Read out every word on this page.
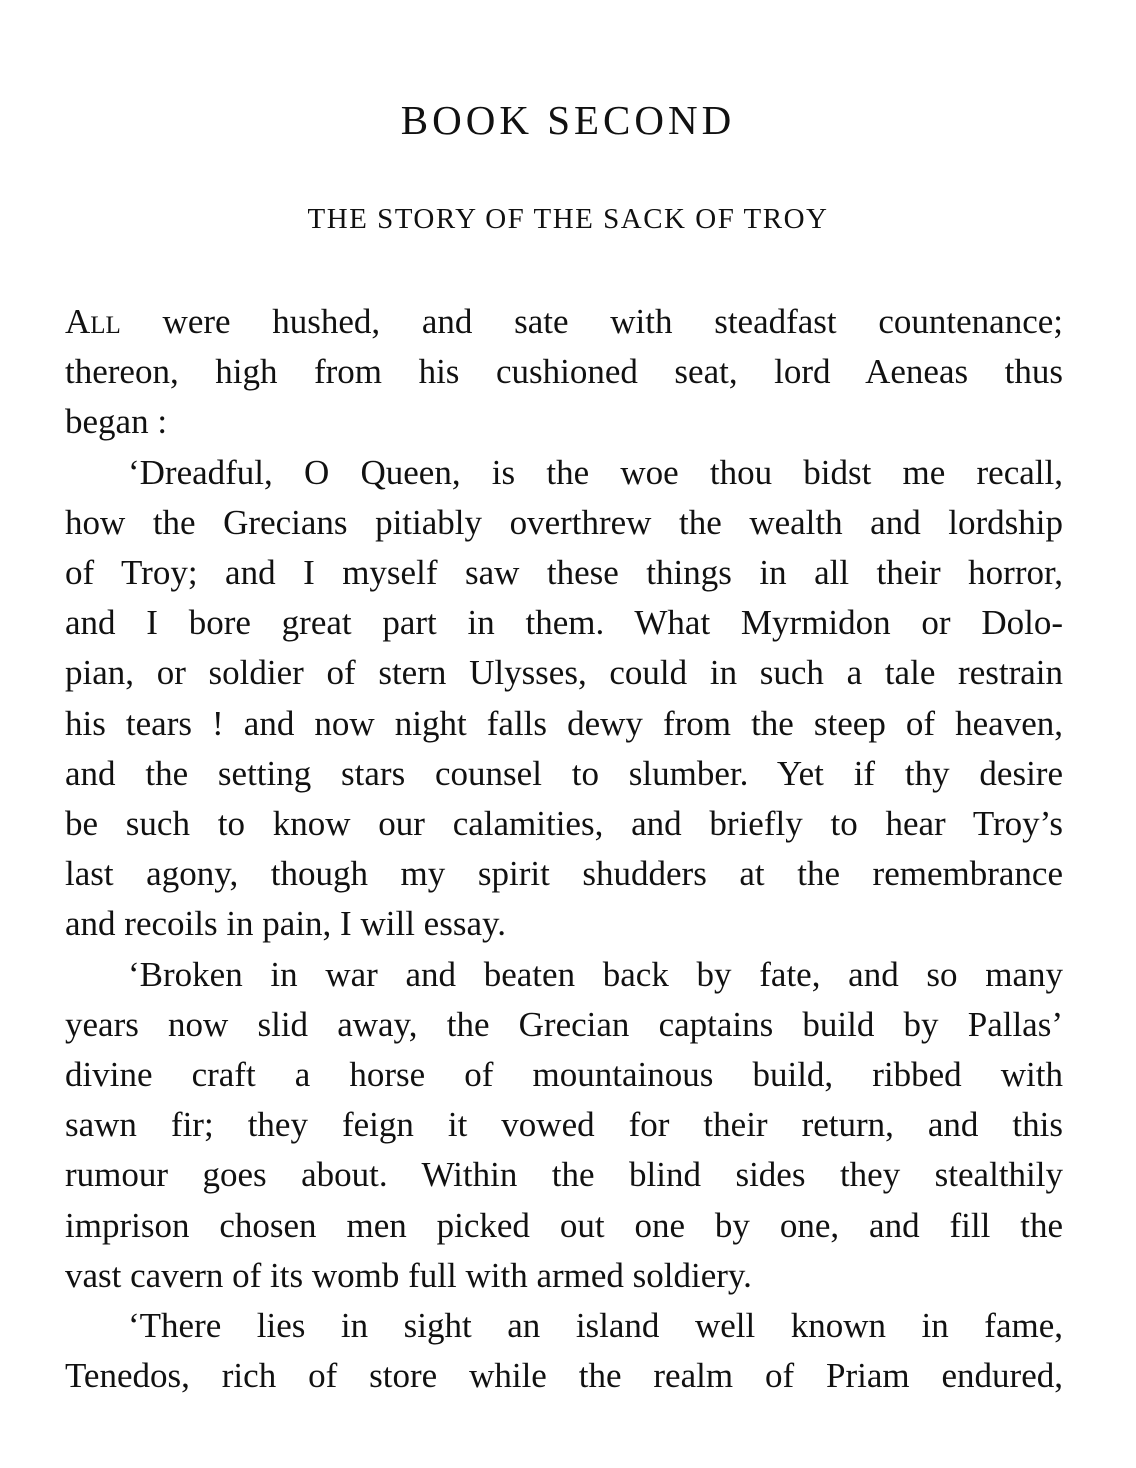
BOOK SECOND
THE STORY OF THE SACK OF TROY
All were hushed, and sate with steadfast countenance;
thereon, high from his cushioned seat, lord Aeneas thus
began :
‘Dreadful, O Queen, is the woe thou bidst me recall,
how the Grecians pitiably overthrew the wealth and lordship
of Troy; and I myself saw these things in all their horror,
and I bore great part in them. What Myrmidon or Dolo-
pian, or soldier of stern Ulysses, could in such a tale restrain
his tears ! and now night falls dewy from the steep of heaven,
and the setting stars counsel to slumber. Yet if thy desire
be such to know our calamities, and briefly to hear Troy’s
last agony, though my spirit shudders at the remembrance
and recoils in pain, I will essay.
‘Broken in war and beaten back by fate, and so many
years now slid away, the Grecian captains build by Pallas’
divine craft a horse of mountainous build, ribbed with
sawn fir; they feign it vowed for their return, and this
rumour goes about. Within the blind sides they stealthily
imprison chosen men picked out one by one, and fill the
vast cavern of its womb full with armed soldiery.
‘There lies in sight an island well known in fame,
Tenedos, rich of store while the realm of Priam endured,
